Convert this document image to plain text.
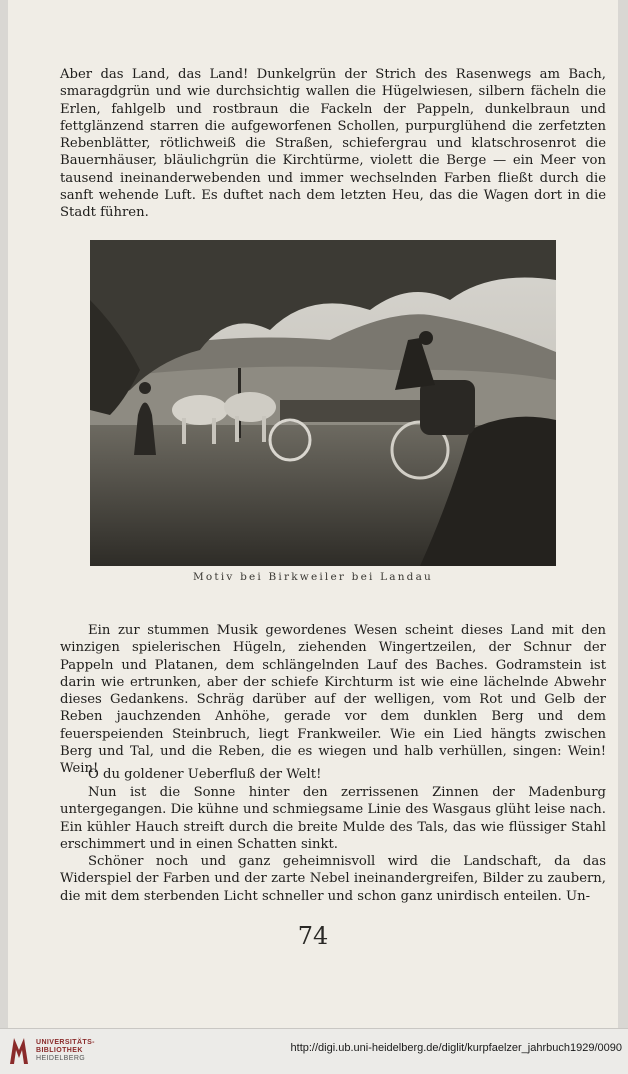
Aber das Land, das Land! Dunkelgrün der Strich des Rasenwegs am Bach, smaragdgrün und wie durchsichtig wallen die Hügelwiesen, silbern fächeln die Erlen, fahlgelb und rostbraun die Fackeln der Pappeln, dunkelbraun und fettglänzend starren die aufgeworfenen Schollen, purpurglühend die zerfetzten Rebenblätter, rötlichweiß die Straßen, schiefergrau und klatschrosenrot die Bauernhäuser, bläulichgrün die Kirchtürme, violett die Berge — ein Meer von tausend ineinanderwebenden und immer wechselnden Farben fließt durch die sanft wehende Luft. Es duftet nach dem letzten Heu, das die Wagen dort in die Stadt führen.

Motiv bei Birkweiler bei Landau

Ein zur stummen Musik gewordenes Wesen scheint dieses Land mit den winzigen spielerischen Hügeln, ziehenden Wingertzeilen, der Schnur der Pappeln und Platanen, dem schlängelnden Lauf des Baches. Godramstein ist darin wie ertrunken, aber der schiefe Kirchturm ist wie eine lächelnde Abwehr dieses Gedankens. Schräg darüber auf der welligen, vom Rot und Gelb der Reben jauchzenden Anhöhe, gerade vor dem dunklen Berg und dem feuerspeienden Steinbruch, liegt Frankweiler. Wie ein Lied hängts zwischen Berg und Tal, und die Reben, die es wiegen und halb verhüllen, singen: Wein! Wein!

O du goldener Ueberfluß der Welt!

Nun ist die Sonne hinter den zerrissenen Zinnen der Madenburg untergegangen. Die kühne und schmiegsame Linie des Wasgaus glüht leise nach. Ein kühler Hauch streift durch die breite Mulde des Tals, das wie flüssiger Stahl erschimmert und in einen Schatten sinkt.

Schöner noch und ganz geheimnisvoll wird die Landschaft, da das Widerspiel der Farben und der zarte Nebel ineinandergreifen, Bilder zu zaubern, die mit dem sterbenden Licht schneller und schon ganz unirdisch enteilen. Un-

74
UNIVERSITÄTS-
BIBLIOTHEK
HEIDELBERG
http://digi.ub.uni-heidelberg.de/diglit/kurpfaelzer_jahrbuch1929/0090
